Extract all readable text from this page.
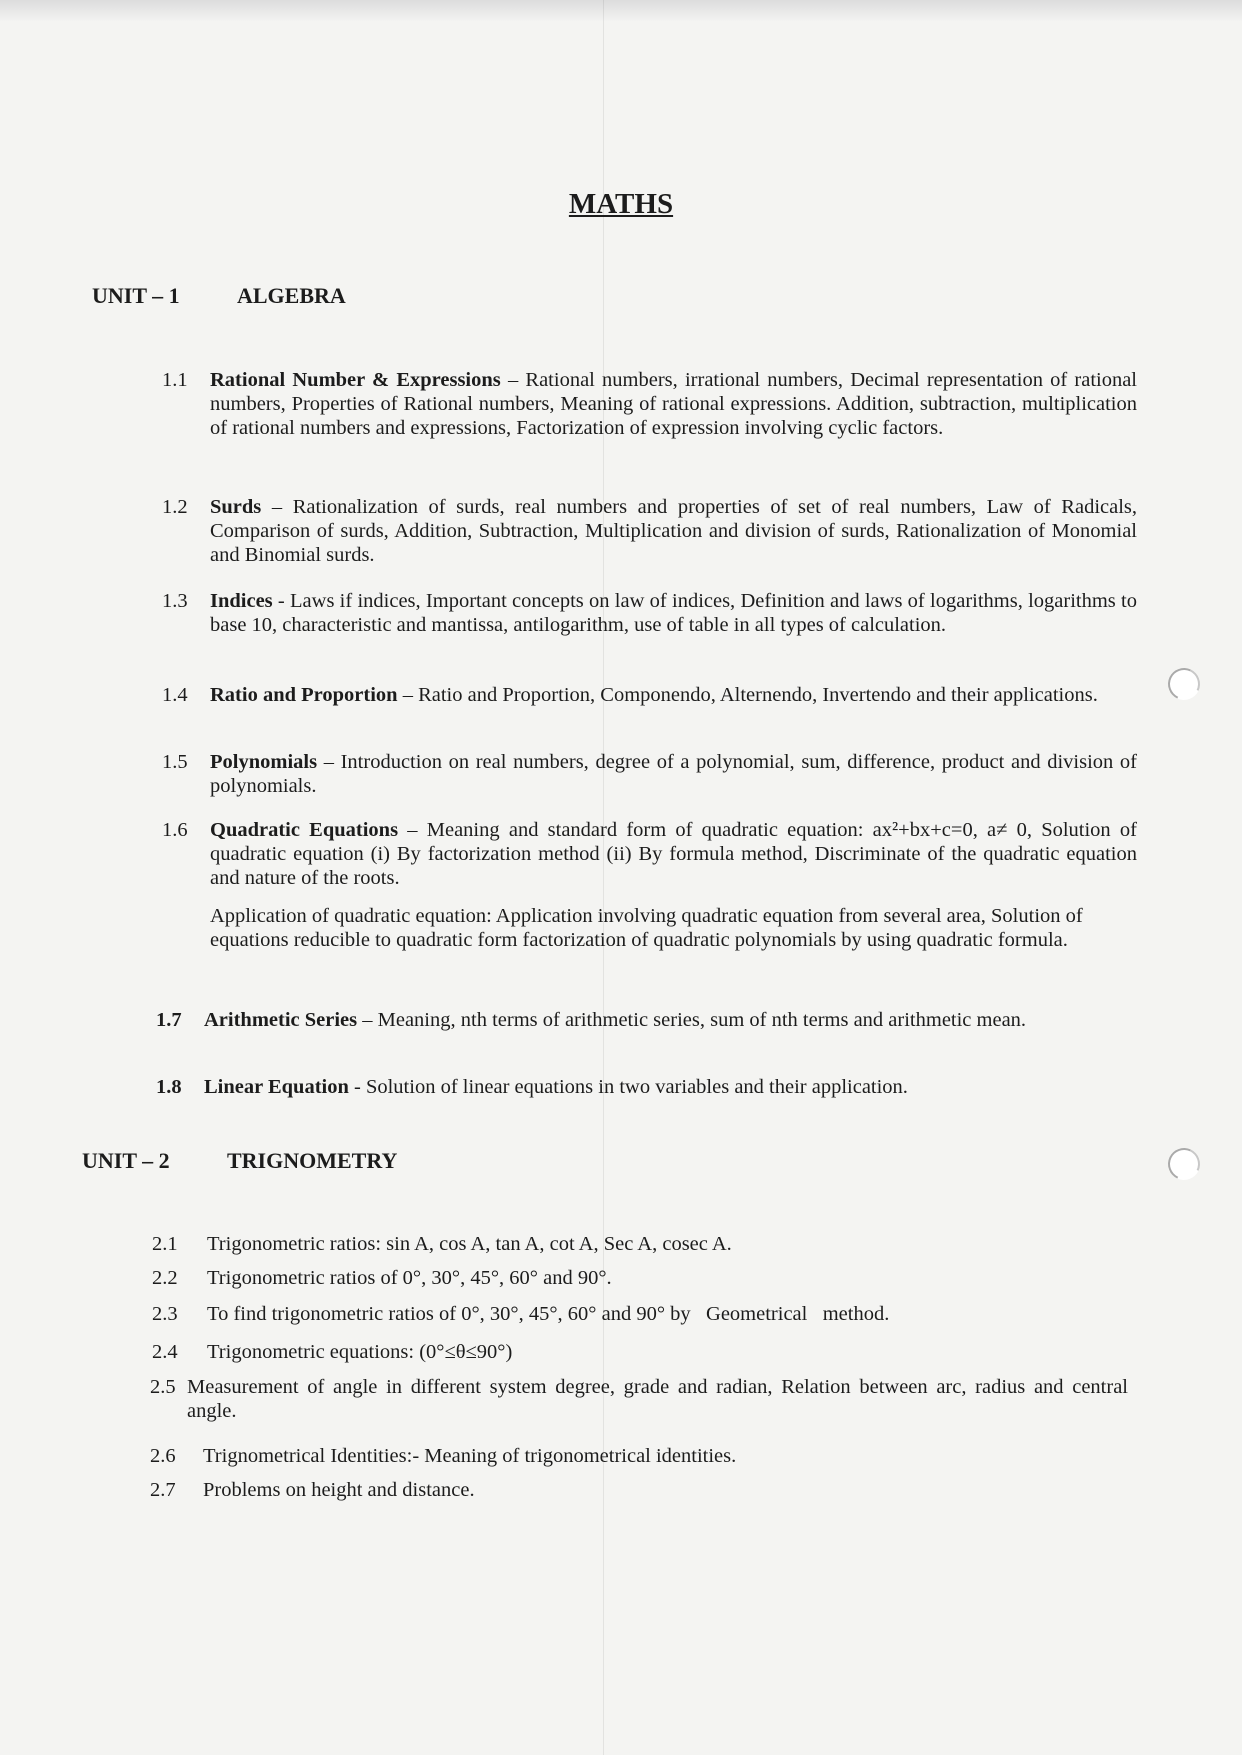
MATHS
UNIT – 1	ALGEBRA
1.1 Rational Number & Expressions – Rational numbers, irrational numbers, Decimal representation of rational numbers, Properties of Rational numbers, Meaning of rational expressions. Addition, subtraction, multiplication of rational numbers and expressions, Factorization of expression involving cyclic factors.
1.2 Surds – Rationalization of surds, real numbers and properties of set of real numbers, Law of Radicals, Comparison of surds, Addition, Subtraction, Multiplication and division of surds, Rationalization of Monomial and Binomial surds.
1.3 Indices - Laws if indices, Important concepts on law of indices, Definition and laws of logarithms, logarithms to base 10, characteristic and mantissa, antilogarithm, use of table in all types of calculation.
1.4 Ratio and Proportion – Ratio and Proportion, Componendo, Alternendo, Invertendo and their applications.
1.5 Polynomials – Introduction on real numbers, degree of a polynomial, sum, difference, product and division of polynomials.
1.6 Quadratic Equations – Meaning and standard form of quadratic equation: ax²+bx+c=0, a≠ 0, Solution of quadratic equation (i) By factorization method (ii) By formula method, Discriminate of the quadratic equation and nature of the roots.
Application of quadratic equation: Application involving quadratic equation from several area, Solution of equations reducible to quadratic form factorization of quadratic polynomials by using quadratic formula.
1.7 Arithmetic Series – Meaning, nth terms of arithmetic series, sum of nth terms and arithmetic mean.
1.8 Linear Equation - Solution of linear equations in two variables and their application.
UNIT – 2	TRIGNOMETRY
2.1 Trigonometric ratios: sin A, cos A, tan A, cot A, Sec A, cosec A.
2.2 Trigonometric ratios of 0°, 30°, 45°, 60° and 90°.
2.3 To find trigonometric ratios of 0°, 30°, 45°, 60° and 90° by   Geometrical   method.
2.4 Trigonometric equations: (0°≤θ≤90°)
2.5 Measurement of angle in different system degree, grade and radian, Relation between arc, radius and central angle.
2.6 Trignometrical Identities:- Meaning of trigonometrical identities.
2.7 Problems on height and distance.
